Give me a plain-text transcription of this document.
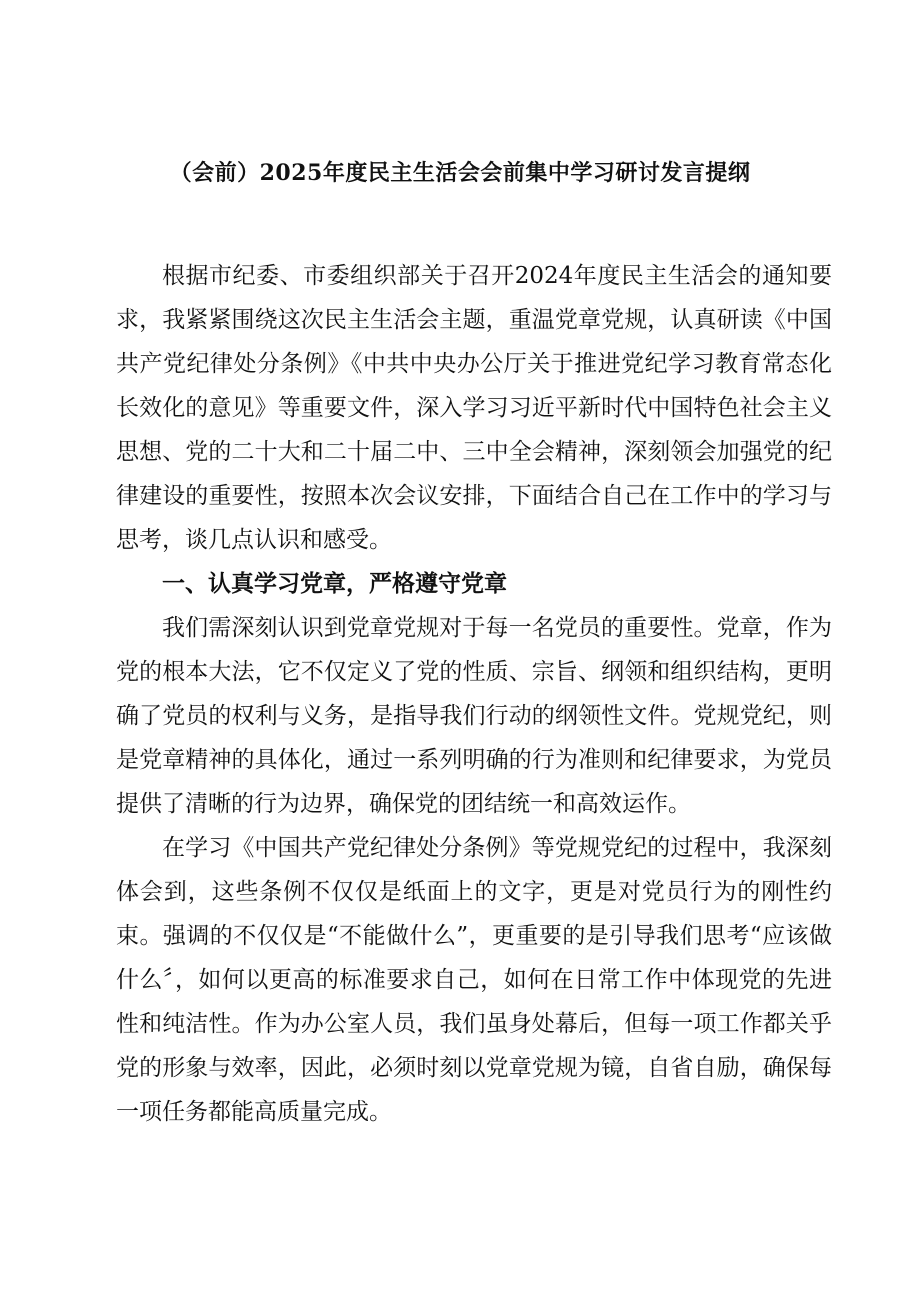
（会前）2025年度民主生活会会前集中学习研讨发言提纲

根据市纪委、市委组织部关于召开2024年度民主生活会的通知要求，我紧紧围绕这次民主生活会主题，重温党章党规，认真研读《中国共产党纪律处分条例》《中共中央办公厅关于推进党纪学习教育常态化长效化的意见》等重要文件，深入学习习近平新时代中国特色社会主义思想、党的二十大和二十届二中、三中全会精神，深刻领会加强党的纪律建设的重要性，按照本次会议安排，下面结合自己在工作中的学习与思考，谈几点认识和感受。

一、认真学习党章，严格遵守党章

我们需深刻认识到党章党规对于每一名党员的重要性。党章，作为党的根本大法，它不仅定义了党的性质、宗旨、纲领和组织结构，更明确了党员的权利与义务，是指导我们行动的纲领性文件。党规党纪，则是党章精神的具体化，通过一系列明确的行为准则和纪律要求，为党员提供了清晰的行为边界，确保党的团结统一和高效运作。

在学习《中国共产党纪律处分条例》等党规党纪的过程中，我深刻体会到，这些条例不仅仅是纸面上的文字，更是对党员行为的刚性约束。强调的不仅仅是“不能做什么”，更重要的是引导我们思考“应该做什么〞，如何以更高的标准要求自己，如何在日常工作中体现党的先进性和纯洁性。作为办公室人员，我们虽身处幕后，但每一项工作都关乎党的形象与效率，因此，必须时刻以党章党规为镜，自省自励，确保每一项任务都能高质量完成。
